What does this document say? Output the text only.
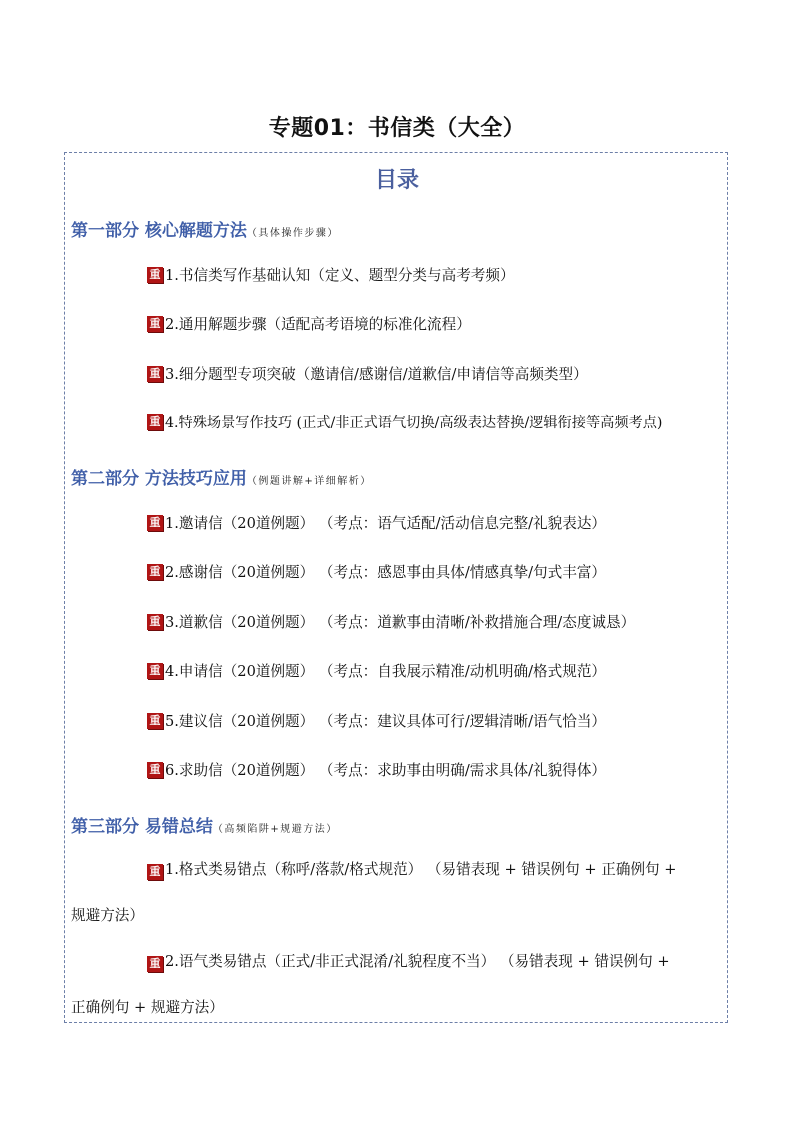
专题01：书信类（大全）
目录
第一部分 核心解题方法（具体操作步骤）
重 1.书信类写作基础认知（定义、题型分类与高考考频）
重 2.通用解题步骤（适配高考语境的标准化流程）
重 3.细分题型专项突破（邀请信/感谢信/道歉信/申请信等高频类型）
重 4.特殊场景写作技巧 (正式/非正式语气切换/高级表达替换/逻辑衔接等高频考点)
第二部分 方法技巧应用（例题讲解+详细解析）
重 1.邀请信（20道例题） （考点：语气适配/活动信息完整/礼貌表达）
重 2.感谢信（20道例题） （考点：感恩事由具体/情感真挚/句式丰富）
重 3.道歉信（20道例题） （考点：道歉事由清晰/补救措施合理/态度诚恳）
重 4.申请信（20道例题） （考点：自我展示精准/动机明确/格式规范）
重 5.建议信（20道例题） （考点：建议具体可行/逻辑清晰/语气恰当）
重 6.求助信（20道例题） （考点：求助事由明确/需求具体/礼貌得体）
第三部分 易错总结（高频陷阱+规避方法）
重 1.格式类易错点（称呼/落款/格式规范） （易错表现 + 错误例句 + 正确例句 +
规避方法）
重 2.语气类易错点（正式/非正式混淆/礼貌程度不当） （易错表现 + 错误例句 +
正确例句 + 规避方法）
